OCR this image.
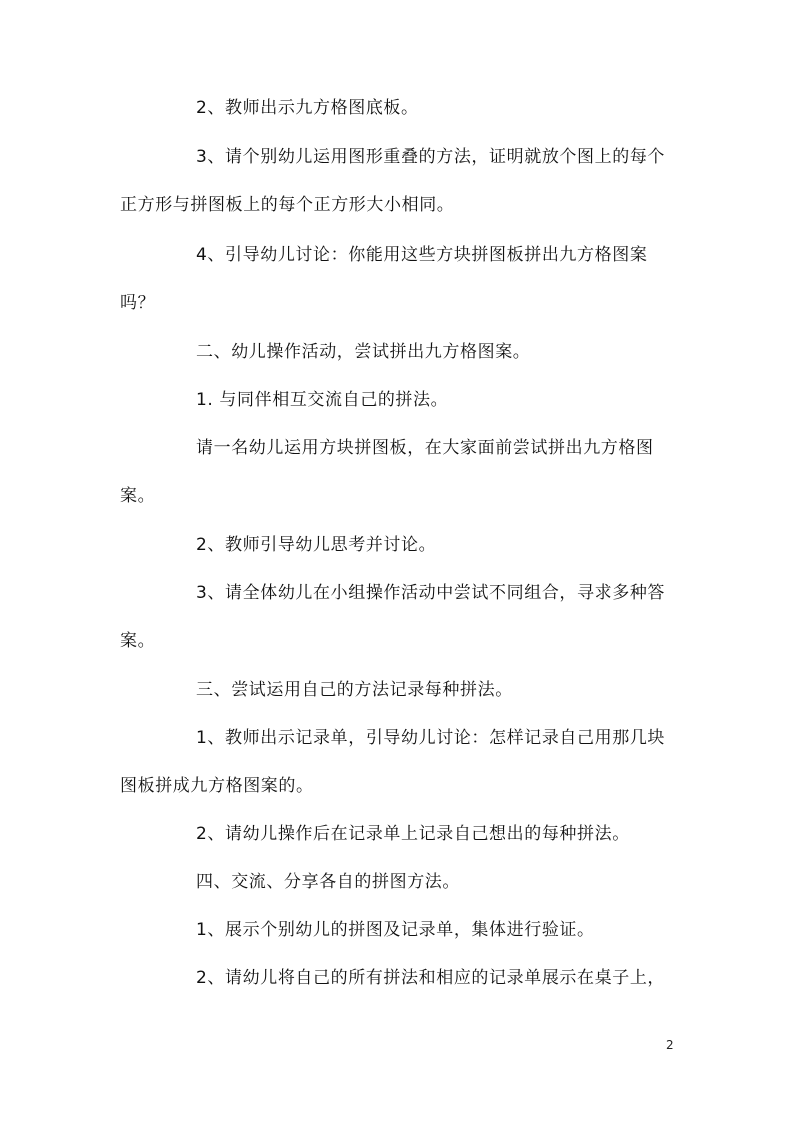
2、教师出示九方格图底板。

3、请个别幼儿运用图形重叠的方法，证明就放个图上的每个正方形与拼图板上的每个正方形大小相同。

4、引导幼儿讨论：你能用这些方块拼图板拼出九方格图案吗？

二、幼儿操作活动，尝试拼出九方格图案。

1. 与同伴相互交流自己的拼法。

请一名幼儿运用方块拼图板，在大家面前尝试拼出九方格图案。

2、教师引导幼儿思考并讨论。

3、请全体幼儿在小组操作活动中尝试不同组合，寻求多种答案。

三、尝试运用自己的方法记录每种拼法。

1、教师出示记录单，引导幼儿讨论：怎样记录自己用那几块图板拼成九方格图案的。

2、请幼儿操作后在记录单上记录自己想出的每种拼法。

四、交流、分享各自的拼图方法。

1、展示个别幼儿的拼图及记录单，集体进行验证。

2、请幼儿将自己的所有拼法和相应的记录单展示在桌子上，

2
